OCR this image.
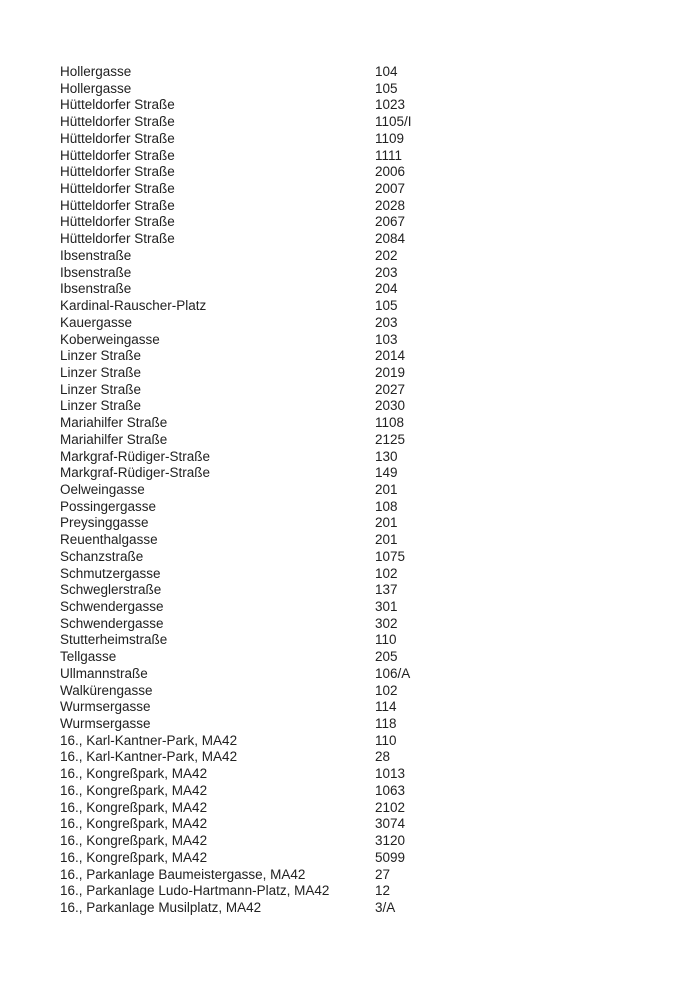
Hollergasse	104
Hollergasse	105
Hütteldorfer Straße	1023
Hütteldorfer Straße	1105/I
Hütteldorfer Straße	1109
Hütteldorfer Straße	1111
Hütteldorfer Straße	2006
Hütteldorfer Straße	2007
Hütteldorfer Straße	2028
Hütteldorfer Straße	2067
Hütteldorfer Straße	2084
Ibsenstraße	202
Ibsenstraße	203
Ibsenstraße	204
Kardinal-Rauscher-Platz	105
Kauergasse	203
Koberweingasse	103
Linzer Straße	2014
Linzer Straße	2019
Linzer Straße	2027
Linzer Straße	2030
Mariahilfer Straße	1108
Mariahilfer Straße	2125
Markgraf-Rüdiger-Straße	130
Markgraf-Rüdiger-Straße	149
Oelweingasse	201
Possingergasse	108
Preysinggasse	201
Reuenthalgasse	201
Schanzstraße	1075
Schmutzergasse	102
Schweglerstraße	137
Schwendergasse	301
Schwendergasse	302
Stutterheimstraße	110
Tellgasse	205
Ullmannstraße	106/A
Walkürengasse	102
Wurmsergasse	114
Wurmsergasse	118
16., Karl-Kantner-Park, MA42	110
16., Karl-Kantner-Park, MA42	28
16., Kongreßpark, MA42	1013
16., Kongreßpark, MA42	1063
16., Kongreßpark, MA42	2102
16., Kongreßpark, MA42	3074
16., Kongreßpark, MA42	3120
16., Kongreßpark, MA42	5099
16., Parkanlage Baumeistergasse, MA42	27
16., Parkanlage Ludo-Hartmann-Platz, MA42	12
16., Parkanlage Musilplatz, MA42	3/A
